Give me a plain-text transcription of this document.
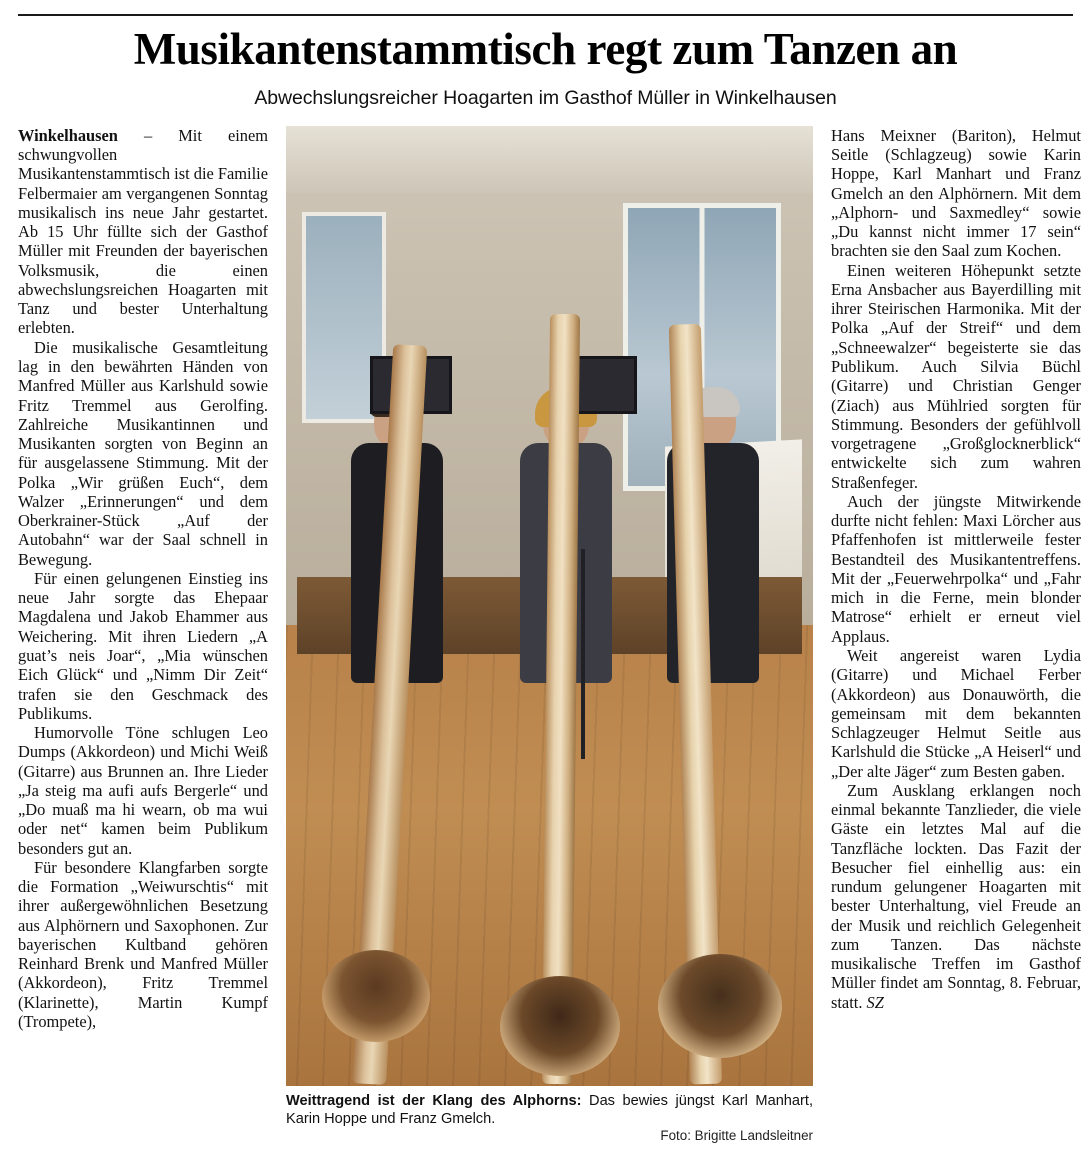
Musikantenstammtisch regt zum Tanzen an
Abwechslungsreicher Hoagarten im Gasthof Müller in Winkelhausen

Winkelhausen – Mit einem schwungvollen Musikantenstammtisch ist die Familie Felbermaier am vergangenen Sonntag musikalisch ins neue Jahr gestartet. Ab 15 Uhr füllte sich der Gasthof Müller mit Freunden der bayerischen Volksmusik, die einen abwechslungsreichen Hoagarten mit Tanz und bester Unterhaltung erlebten.

Die musikalische Gesamtleitung lag in den bewährten Händen von Manfred Müller aus Karlshuld sowie Fritz Tremmel aus Gerolfing. Zahlreiche Musikantinnen und Musikanten sorgten von Beginn an für ausgelassene Stimmung. Mit der Polka „Wir grüßen Euch“, dem Walzer „Erinnerungen“ und dem Oberkrainer-Stück „Auf der Autobahn“ war der Saal schnell in Bewegung.

Für einen gelungenen Einstieg ins neue Jahr sorgte das Ehepaar Magdalena und Jakob Ehammer aus Weichering. Mit ihren Liedern „A guat’s neis Joar“, „Mia wünschen Eich Glück“ und „Nimm Dir Zeit“ trafen sie den Geschmack des Publikums.

Humorvolle Töne schlugen Leo Dumps (Akkordeon) und Michi Weiß (Gitarre) aus Brunnen an. Ihre Lieder „Ja steig ma aufi aufs Bergerle“ und „Do muaß ma hi wearn, ob ma wui oder net“ kamen beim Publikum besonders gut an.

Für besondere Klangfarben sorgte die Formation „Weiwurschtis“ mit ihrer außergewöhnlichen Besetzung aus Alphörnern und Saxophonen. Zur bayerischen Kultband gehören Reinhard Brenk und Manfred Müller (Akkordeon), Fritz Tremmel (Klarinette), Martin Kumpf (Trompete),

Weittragend ist der Klang des Alphorns: Das bewies jüngst Karl Manhart, Karin Hoppe und Franz Gmelch.
Foto: Brigitte Landsleitner

Hans Meixner (Bariton), Helmut Seitle (Schlagzeug) sowie Karin Hoppe, Karl Manhart und Franz Gmelch an den Alphörnern. Mit dem „Alphorn- und Saxmedley“ sowie „Du kannst nicht immer 17 sein“ brachten sie den Saal zum Kochen.

Einen weiteren Höhepunkt setzte Erna Ansbacher aus Bayerdilling mit ihrer Steirischen Harmonika. Mit der Polka „Auf der Streif“ und dem „Schneewalzer“ begeisterte sie das Publikum. Auch Silvia Büchl (Gitarre) und Christian Genger (Ziach) aus Mühlried sorgten für Stimmung. Besonders der gefühlvoll vorgetragene „Großglocknerblick“ entwickelte sich zum wahren Straßenfeger.

Auch der jüngste Mitwirkende durfte nicht fehlen: Maxi Lörcher aus Pfaffenhofen ist mittlerweile fester Bestandteil des Musikantentreffens. Mit der „Feuerwehrpolka“ und „Fahr mich in die Ferne, mein blonder Matrose“ erhielt er erneut viel Applaus.

Weit angereist waren Lydia (Gitarre) und Michael Ferber (Akkordeon) aus Donauwörth, die gemeinsam mit dem bekannten Schlagzeuger Helmut Seitle aus Karlshuld die Stücke „A Heiserl“ und „Der alte Jäger“ zum Besten gaben.

Zum Ausklang erklangen noch einmal bekannte Tanzlieder, die viele Gäste ein letztes Mal auf die Tanzfläche lockten. Das Fazit der Besucher fiel einhellig aus: ein rundum gelungener Hoagarten mit bester Unterhaltung, viel Freude an der Musik und reichlich Gelegenheit zum Tanzen. Das nächste musikalische Treffen im Gasthof Müller findet am Sonntag, 8. Februar, statt. SZ
